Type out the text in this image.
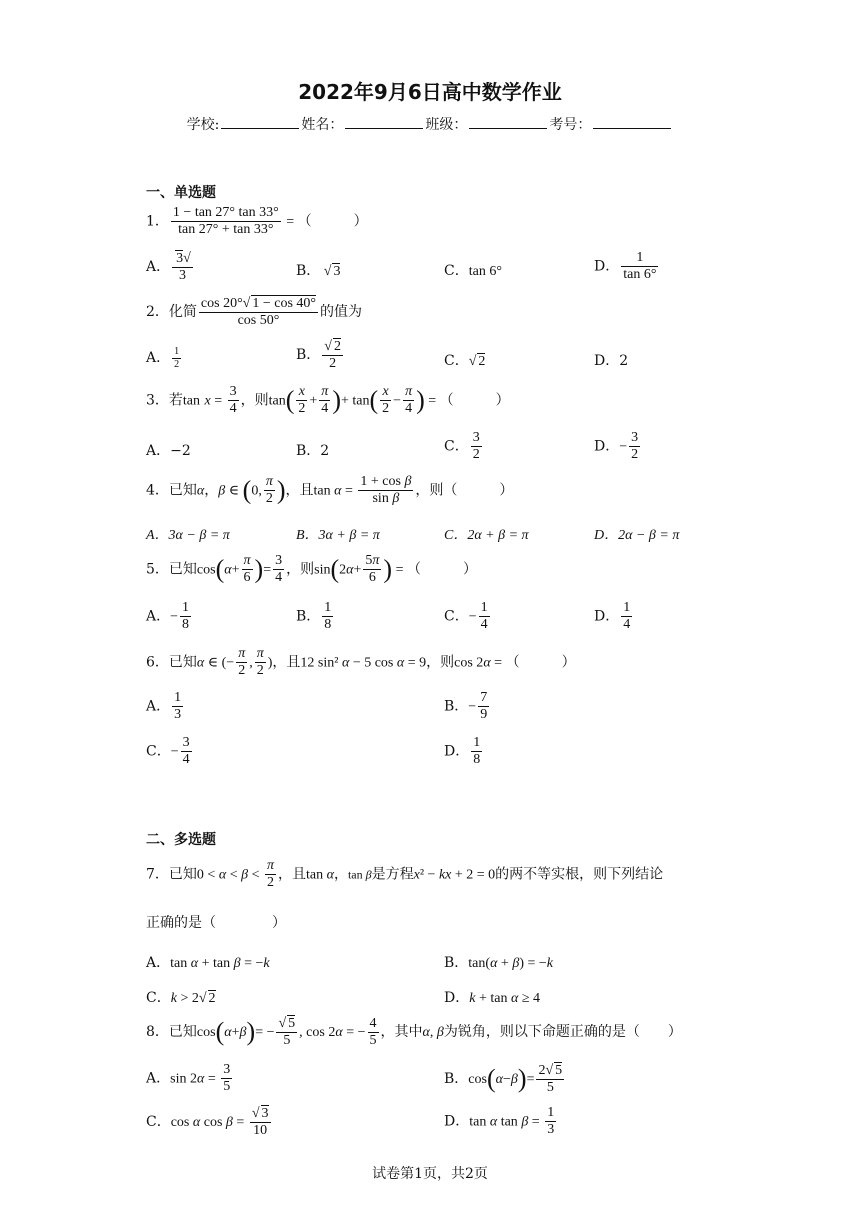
2022年9月6日高中数学作业
学校:	姓名：	班级：	考号：
一、单选题
1． $\frac{1 - \tan 27^\circ \tan 33^\circ}{\tan 27^\circ + \tan 33^\circ}$ = （　　　）
A． $\frac{3√}{3}$	B． √ 3	C．tan 6°	D． $\frac{1}{\tan 6^\circ}$
2．化简 $\frac{\cos 20^\circ√ 1 - \cos 40^\circ}{\cos 50^\circ}$ 的值为
A． $\frac{1}{2}$	B． $\frac{√ 2}{2}$	C．√ 2	D．2
3．若$\tan x = \frac{3}{4}$ ，则$\tan( \frac{x}{2} + \frac{\pi}{4}$ )+ $\tan( \frac{x}{2} - \frac{\pi}{4}$ ) = （　　　）
A．−2	B．2	C． $\frac{3}{2}$	D．− $\frac{3}{2}$
4．已知α，β ∈ (0, $\frac{\pi}{2}$ )，且$\tan \alpha = \frac{\text{1 + cos β}}{\text{sin β}}$ ，则（　　　）
A．3α − β = π	B．3α + β = π	C．2α + β = π	D．2α − β = π
5．已知$\cos(\alpha+ \frac{\pi}{6}$ )= $\frac{3}{4}$ ，则$\sin(2\alpha+ \frac{5\pi}{6}$ ) = （　　　）
A．− $\frac{1}{8}$	B． $\frac{1}{8}$	C．− $\frac{1}{4}$	D． $\frac{1}{4}$
6．已知α ∈ (− $\frac{\pi}{2}$ , $\frac{\pi}{2}$ )，且12 sin² α − 5 cos α = 9，则cos 2α = （　　　）
A． $\frac{1}{3}$	B．− $\frac{7}{9}$
C．− $\frac{3}{4}$	D． $\frac{1}{8}$
二、多选题
7．已知$0 < \alpha < \beta < \frac{\pi}{2}$ ，且tan α，tan β是方程x² − kx + 2 = 0的两不等实根，则下列结论
正确的是（　　　　）
A．tan α + tan β = −k	B．tan(α + β) = −k
C．k > 2√ 2	D．k + tan α ≥ 4
8．已知$\cos(\alpha+\beta)= - \frac{√ 5}{5}$ , cos 2α = − $\frac{4}{5}$ ，其中α, β为锐角，则以下命题正确的是（　　）
A．$\sin 2\alpha = \frac{3}{5}$	B．$\cos(\alpha-\beta)= \frac{2√ 5}{5}$
C．cos α $\cos \beta = \frac{√ 3}{10}$	D．tan α $\tan \beta = \frac{1}{3}$
试卷第1页，共2页
